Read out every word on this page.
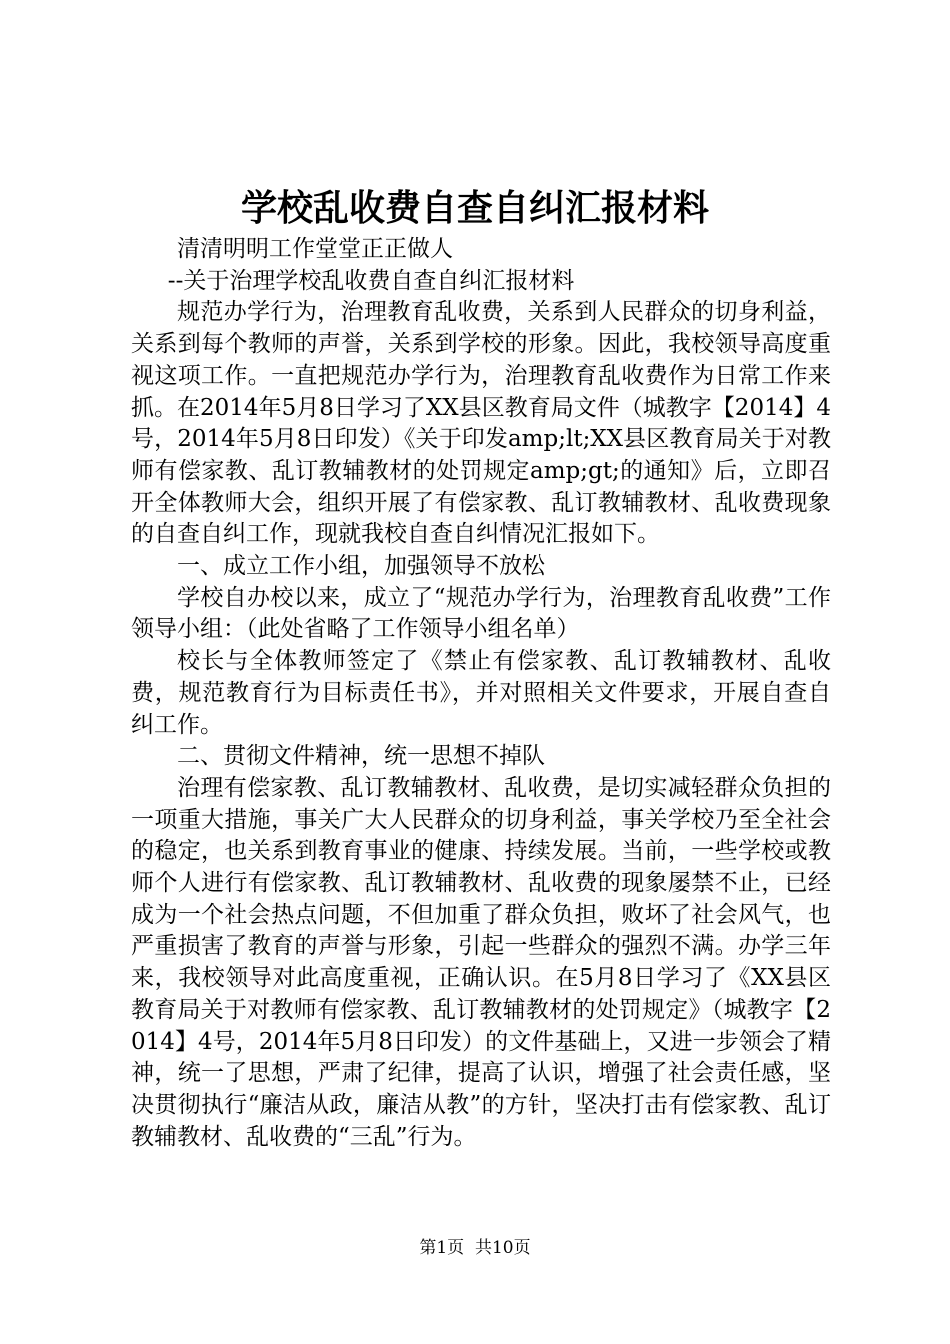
学校乱收费自查自纠汇报材料

清清明明工作堂堂正正做人

--关于治理学校乱收费自查自纠汇报材料

规范办学行为，治理教育乱收费，关系到人民群众的切身利益，关系到每个教师的声誉，关系到学校的形象。因此，我校领导高度重视这项工作。一直把规范办学行为，治理教育乱收费作为日常工作来抓。在2014年5月8日学习了XX县区教育局文件（城教字【2014】4号，2014年5月8日印发）《关于印发amp;lt;XX县区教育局关于对教师有偿家教、乱订教辅教材的处罚规定amp;gt;的通知》后，立即召开全体教师大会，组织开展了有偿家教、乱订教辅教材、乱收费现象的自查自纠工作，现就我校自查自纠情况汇报如下。

一、成立工作小组，加强领导不放松

学校自办校以来，成立了“规范办学行为，治理教育乱收费”工作领导小组：（此处省略了工作领导小组名单）

校长与全体教师签定了《禁止有偿家教、乱订教辅教材、乱收费，规范教育行为目标责任书》，并对照相关文件要求，开展自查自纠工作。

二、贯彻文件精神，统一思想不掉队

治理有偿家教、乱订教辅教材、乱收费，是切实减轻群众负担的一项重大措施，事关广大人民群众的切身利益，事关学校乃至全社会的稳定，也关系到教育事业的健康、持续发展。当前，一些学校或教师个人进行有偿家教、乱订教辅教材、乱收费的现象屡禁不止，已经成为一个社会热点问题，不但加重了群众负担，败坏了社会风气，也严重损害了教育的声誉与形象，引起一些群众的强烈不满。办学三年来，我校领导对此高度重视，正确认识。在5月8日学习了《XX县区教育局关于对教师有偿家教、乱订教辅教材的处罚规定》（城教字【2014】4号，2014年5月8日印发）的文件基础上，又进一步领会了精神，统一了思想，严肃了纪律，提高了认识，增强了社会责任感，坚决贯彻执行“廉洁从政，廉洁从教”的方针，坚决打击有偿家教、乱订教辅教材、乱收费的“三乱”行为。

第1页  共10页
